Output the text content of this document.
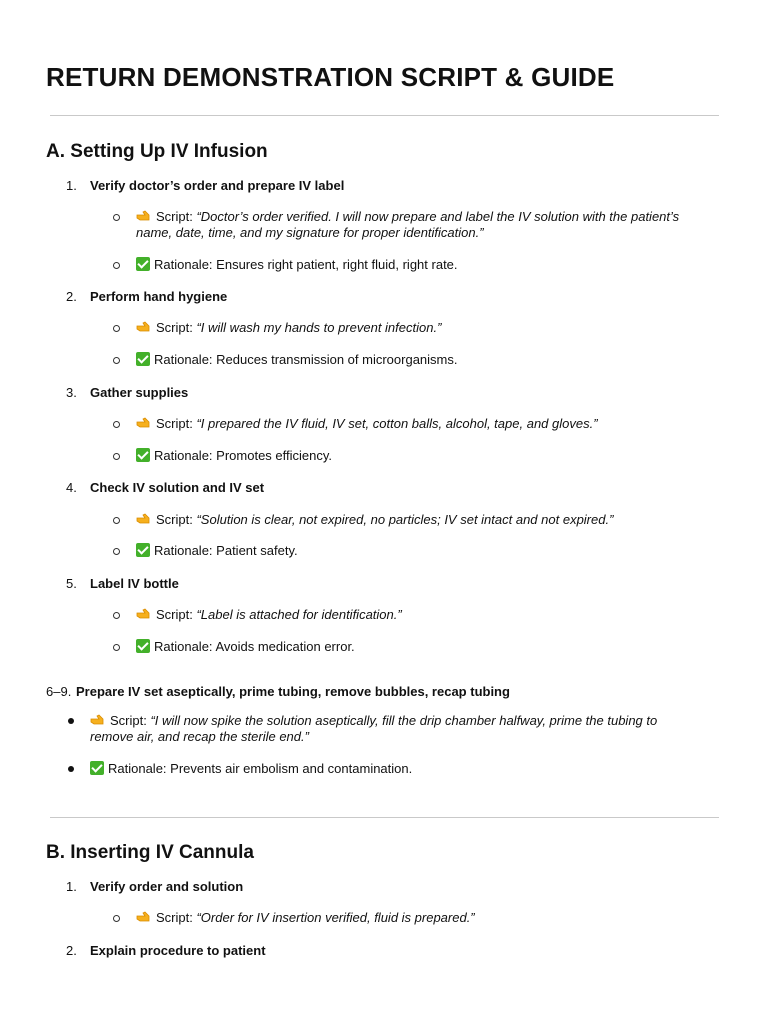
RETURN DEMONSTRATION SCRIPT & GUIDE
A. Setting Up IV Infusion
1. Verify doctor’s order and prepare IV label
Script: “Doctor’s order verified. I will now prepare and label the IV solution with the patient’s
name, date, time, and my signature for proper identification.”
Rationale: Ensures right patient, right fluid, right rate.
2. Perform hand hygiene
Script: “I will wash my hands to prevent infection.”
Rationale: Reduces transmission of microorganisms.
3. Gather supplies
Script: “I prepared the IV fluid, IV set, cotton balls, alcohol, tape, and gloves.”
Rationale: Promotes efficiency.
4. Check IV solution and IV set
Script: “Solution is clear, not expired, no particles; IV set intact and not expired.”
Rationale: Patient safety.
5. Label IV bottle
Script: “Label is attached for identification.”
Rationale: Avoids medication error.
6–9. Prepare IV set aseptically, prime tubing, remove bubbles, recap tubing
Script: “I will now spike the solution aseptically, fill the drip chamber halfway, prime the tubing to
remove air, and recap the sterile end.”
Rationale: Prevents air embolism and contamination.
B. Inserting IV Cannula
1. Verify order and solution
Script: “Order for IV insertion verified, fluid is prepared.”
2. Explain procedure to patient
